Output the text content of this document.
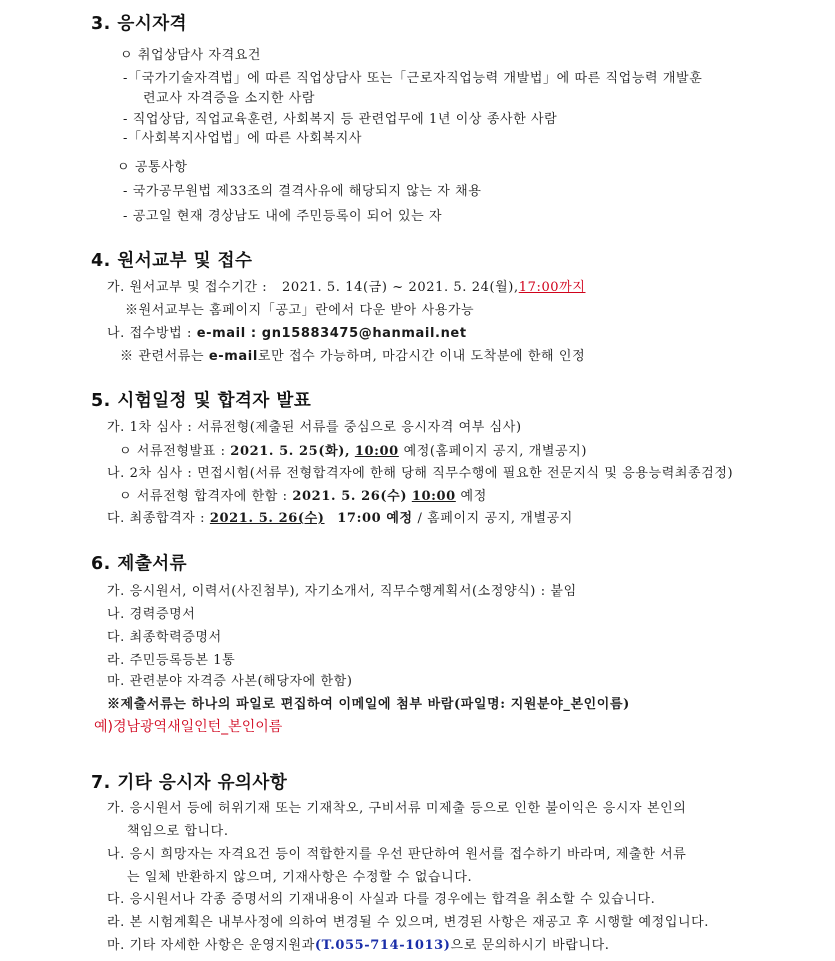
3. 응시자격
ㅇ 취업상담사 자격요건
-「국가기술자격법」에 따른 직업상담사 또는「근로자직업능력 개발법」에 따른 직업능력 개발훈
련교사 자격증을 소지한 사람
- 직업상담, 직업교육훈련, 사회복지 등 관련업무에 1년 이상 종사한 사람
-「사회복지사업법」에 따른 사회복지사
ㅇ 공통사항
- 국가공무원법 제33조의 결격사유에 해당되지 않는 자 채용
- 공고일 현재 경상남도 내에 주민등록이 되어 있는 자
4. 원서교부 및 접수
가. 원서교부 및 접수기간 : 2021. 5. 14(금) ~ 2021. 5. 24(월),17:00까지
※원서교부는 홈페이지「공고」란에서 다운 받아 사용가능
나. 접수방법 : e-mail : gn15883475@hanmail.net
※ 관련서류는 e-mail로만 접수 가능하며, 마감시간 이내 도착분에 한해 인정
5. 시험일정 및 합격자 발표
가. 1차 심사 : 서류전형(제출된 서류를 중심으로 응시자격 여부 심사)
ㅇ 서류전형발표 : 2021. 5. 25(화), 10:00 예정(홈페이지 공지, 개별공지)
나. 2차 심사 : 면접시험(서류 전형합격자에 한해 당해 직무수행에 필요한 전문지식 및 응용능력최종검정)
ㅇ 서류전형 합격자에 한함 : 2021. 5. 26(수) 10:00 예정
다. 최종합격자 : 2021. 5. 26(수) 17:00 예정 / 홈페이지 공지, 개별공지
6. 제출서류
가. 응시원서, 이력서(사진첨부), 자기소개서, 직무수행계획서(소정양식) : 붙임
나. 경력증명서
다. 최종학력증명서
라. 주민등록등본 1통
마. 관련분야 자격증 사본(해당자에 한함)
※제출서류는 하나의 파일로 편집하여 이메일에 첨부 바람(파일명: 지원분야_본인이름)
예)경남광역새일인턴_본인이름
7. 기타 응시자 유의사항
가. 응시원서 등에 허위기재 또는 기재착오, 구비서류 미제출 등으로 인한 불이익은 응시자 본인의
책임으로 합니다.
나. 응시 희망자는 자격요건 등이 적합한지를 우선 판단하여 원서를 접수하기 바라며, 제출한 서류
는 일체 반환하지 않으며, 기재사항은 수정할 수 없습니다.
다. 응시원서나 각종 증명서의 기재내용이 사실과 다를 경우에는 합격을 취소할 수 있습니다.
라. 본 시험계획은 내부사정에 의하여 변경될 수 있으며, 변경된 사항은 재공고 후 시행할 예정입니다.
마. 기타 자세한 사항은 운영지원과(T.055-714-1013)으로 문의하시기 바랍니다.
